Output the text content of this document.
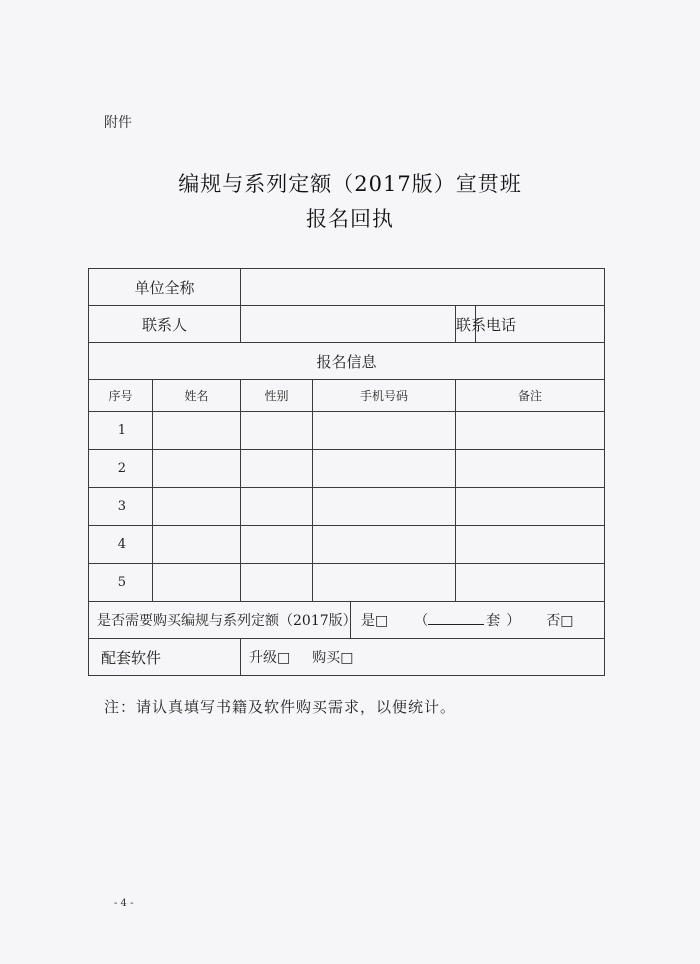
附件
编规与系列定额（2017版）宣贯班
报名回执
单位全称						
联系人					联系电话	
报名信息						
序号	姓名	性别	手机号码		备注	
1						
2						
3						
4						
5						
是否需要购买编规与系列定额（2017版）				是□ （ 套 ） 否□		
配套软件		升级□ 购买□				
注：请认真填写书籍及软件购买需求，以便统计。
- 4 -
